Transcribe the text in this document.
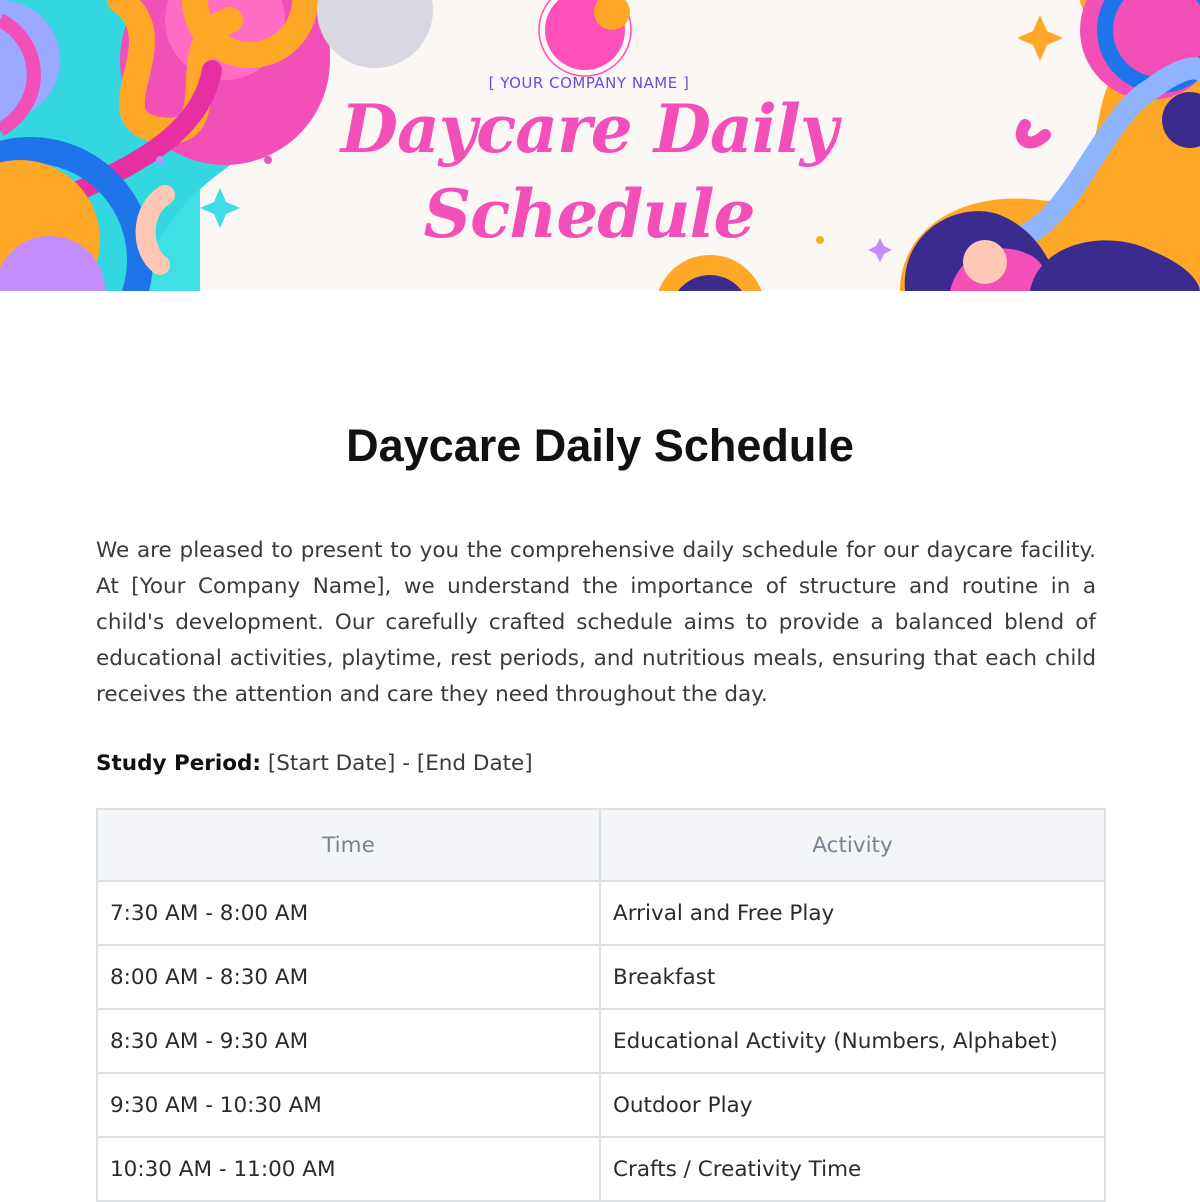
[ YOUR COMPANY NAME ]
Daycare Daily
Schedule
Daycare Daily Schedule

We are pleased to present to you the comprehensive daily schedule for our daycare facility. At [Your Company Name], we understand the importance of structure and routine in a child's development. Our carefully crafted schedule aims to provide a balanced blend of educational activities, playtime, rest periods, and nutritious meals, ensuring that each child receives the attention and care they need throughout the day.

Study Period: [Start Date] - [End Date]
Time	Activity
7:30 AM - 8:00 AM	Arrival and Free Play
8:00 AM - 8:30 AM	Breakfast
8:30 AM - 9:30 AM	Educational Activity (Numbers, Alphabet)
9:30 AM - 10:30 AM	Outdoor Play
10:30 AM - 11:00 AM	Crafts / Creativity Time
